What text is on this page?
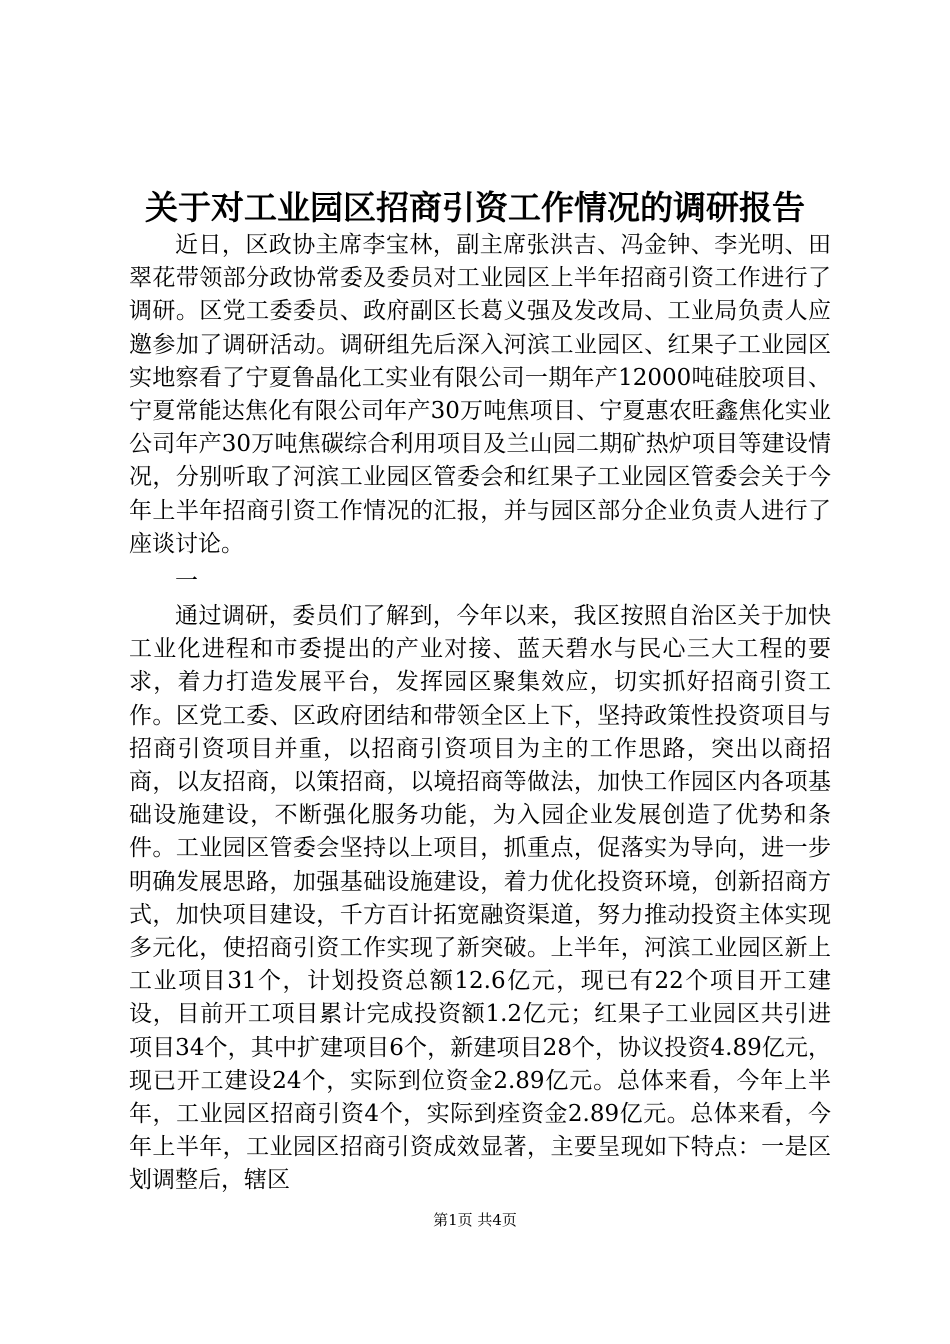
关于对工业园区招商引资工作情况的调研报告

近日，区政协主席李宝林，副主席张洪吉、冯金钟、李光明、田翠花带领部分政协常委及委员对工业园区上半年招商引资工作进行了调研。区党工委委员、政府副区长葛义强及发改局、工业局负责人应邀参加了调研活动。调研组先后深入河滨工业园区、红果子工业园区实地察看了宁夏鲁晶化工实业有限公司一期年产12000吨硅胶项目、宁夏常能达焦化有限公司年产30万吨焦项目、宁夏惠农旺鑫焦化实业公司年产30万吨焦碳综合利用项目及兰山园二期矿热炉项目等建设情况，分别听取了河滨工业园区管委会和红果子工业园区管委会关于今年上半年招商引资工作情况的汇报，并与园区部分企业负责人进行了座谈讨论。

一

通过调研，委员们了解到，今年以来，我区按照自治区关于加快工业化进程和市委提出的产业对接、蓝天碧水与民心三大工程的要求，着力打造发展平台，发挥园区聚集效应，切实抓好招商引资工作。区党工委、区政府团结和带领全区上下，坚持政策性投资项目与招商引资项目并重，以招商引资项目为主的工作思路，突出以商招商，以友招商，以策招商，以境招商等做法，加快工作园区内各项基础设施建设，不断强化服务功能，为入园企业发展创造了优势和条件。工业园区管委会坚持以上项目，抓重点，促落实为导向，进一步明确发展思路，加强基础设施建设，着力优化投资环境，创新招商方式，加快项目建设，千方百计拓宽融资渠道，努力推动投资主体实现多元化，使招商引资工作实现了新突破。上半年，河滨工业园区新上工业项目31个，计划投资总额12.6亿元，现已有22个项目开工建设，目前开工项目累计完成投资额1.2亿元；红果子工业园区共引进项目34个，其中扩建项目6个，新建项目28个，协议投资4.89亿元，现已开工建设24个，实际到位资金2.89亿元。总体来看，今年上半年，工业园区招商引资4个，实际到痊资金2.89亿元。总体来看，今年上半年，工业园区招商引资成效显著，主要呈现如下特点：一是区划调整后，辖区

第1页 共4页
